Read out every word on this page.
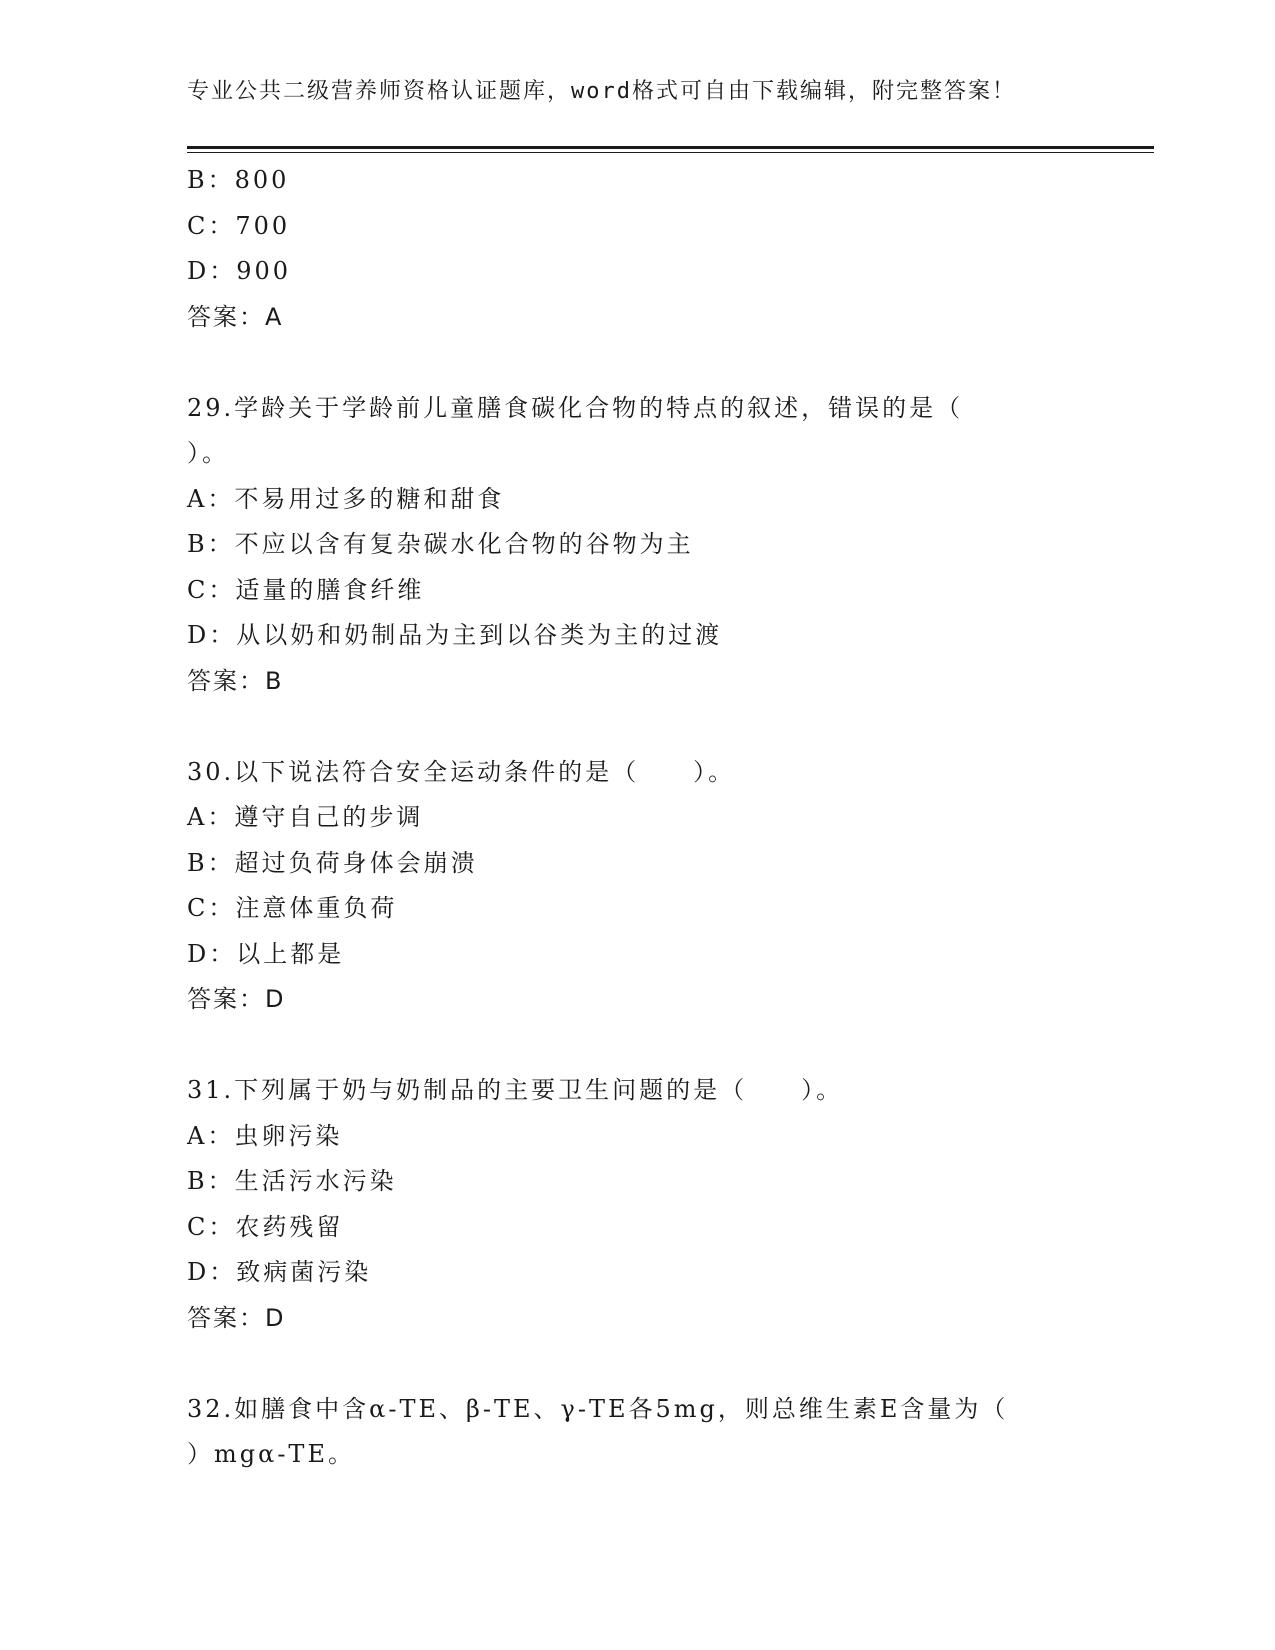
专业公共二级营养师资格认证题库，word格式可自由下载编辑，附完整答案！
B：800
C：700
D：900
答案：A
29.学龄关于学龄前儿童膳食碳化合物的特点的叙述，错误的是（
）。
A：不易用过多的糖和甜食
B：不应以含有复杂碳水化合物的谷物为主
C：适量的膳食纤维
D：从以奶和奶制品为主到以谷类为主的过渡
答案：B
30.以下说法符合安全运动条件的是（　　）。
A：遵守自己的步调
B：超过负荷身体会崩溃
C：注意体重负荷
D：以上都是
答案：D
31.下列属于奶与奶制品的主要卫生问题的是（　　）。
A：虫卵污染
B：生活污水污染
C：农药残留
D：致病菌污染
答案：D
32.如膳食中含α-TE、β-TE、γ-TE各5mg，则总维生素E含量为（
）mgα-TE。
